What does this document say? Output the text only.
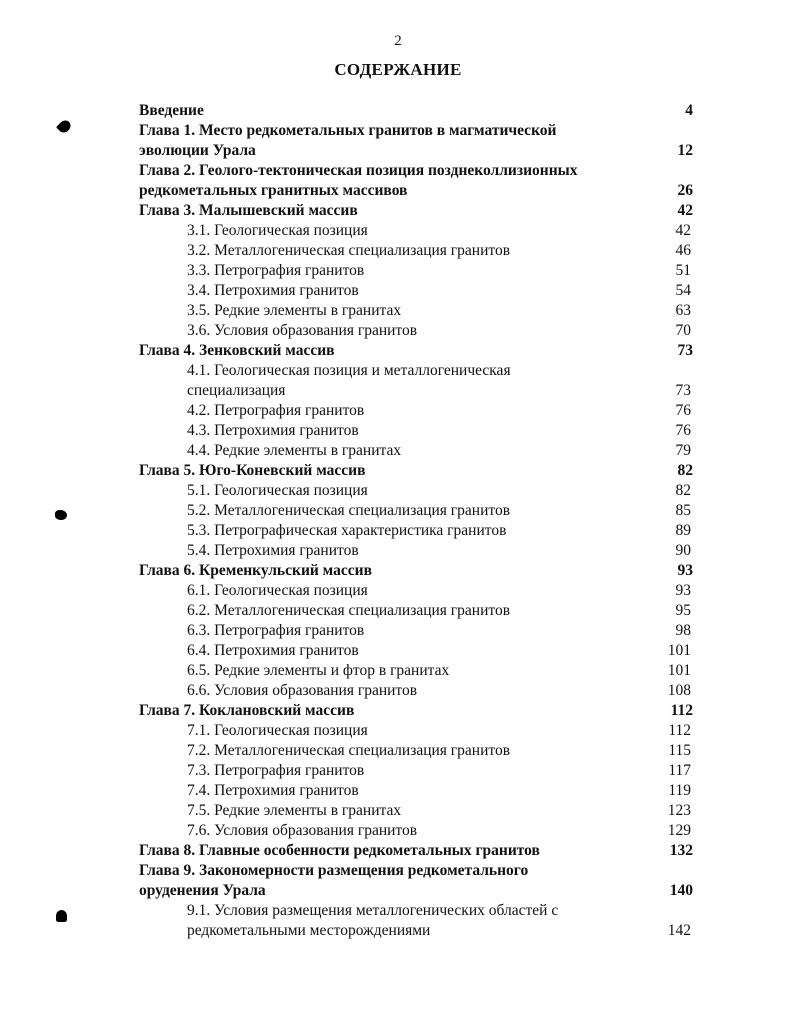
2
СОДЕРЖАНИЕ
Введение	4
Глава 1. Место редкометальных гранитов в магматической
эволюции Урала	12
Глава 2. Геолого-тектоническая позиция позднеколлизионных
редкометальных гранитных массивов	26
Глава 3. Малышевский массив	42
3.1. Геологическая позиция	42
3.2. Металлогеническая специализация гранитов	46
3.3. Петрография гранитов	51
3.4. Петрохимия гранитов	54
3.5. Редкие элементы в гранитах	63
3.6. Условия образования гранитов	70
Глава 4. Зенковский массив	73
4.1. Геологическая позиция и металлогеническая
специализация	73
4.2. Петрография гранитов	76
4.3. Петрохимия гранитов	76
4.4. Редкие элементы в гранитах	79
Глава 5. Юго-Коневский массив	82
5.1. Геологическая позиция	82
5.2. Металлогеническая специализация гранитов	85
5.3. Петрографическая характеристика гранитов	89
5.4. Петрохимия гранитов	90
Глава 6. Кременкульский массив	93
6.1. Геологическая позиция	93
6.2. Металлогеническая специализация гранитов	95
6.3. Петрография гранитов	98
6.4. Петрохимия гранитов	101
6.5. Редкие элементы и фтор в гранитах	101
6.6. Условия образования гранитов	108
Глава 7. Коклановский массив	112
7.1. Геологическая позиция	112
7.2. Металлогеническая специализация гранитов	115
7.3. Петрография гранитов	117
7.4. Петрохимия гранитов	119
7.5. Редкие элементы в гранитах	123
7.6. Условия образования гранитов	129
Глава 8. Главные особенности редкометальных гранитов	132
Глава 9. Закономерности размещения редкометального
оруденения Урала	140
9.1. Условия размещения металлогенических областей с
редкометальными месторождениями	142
